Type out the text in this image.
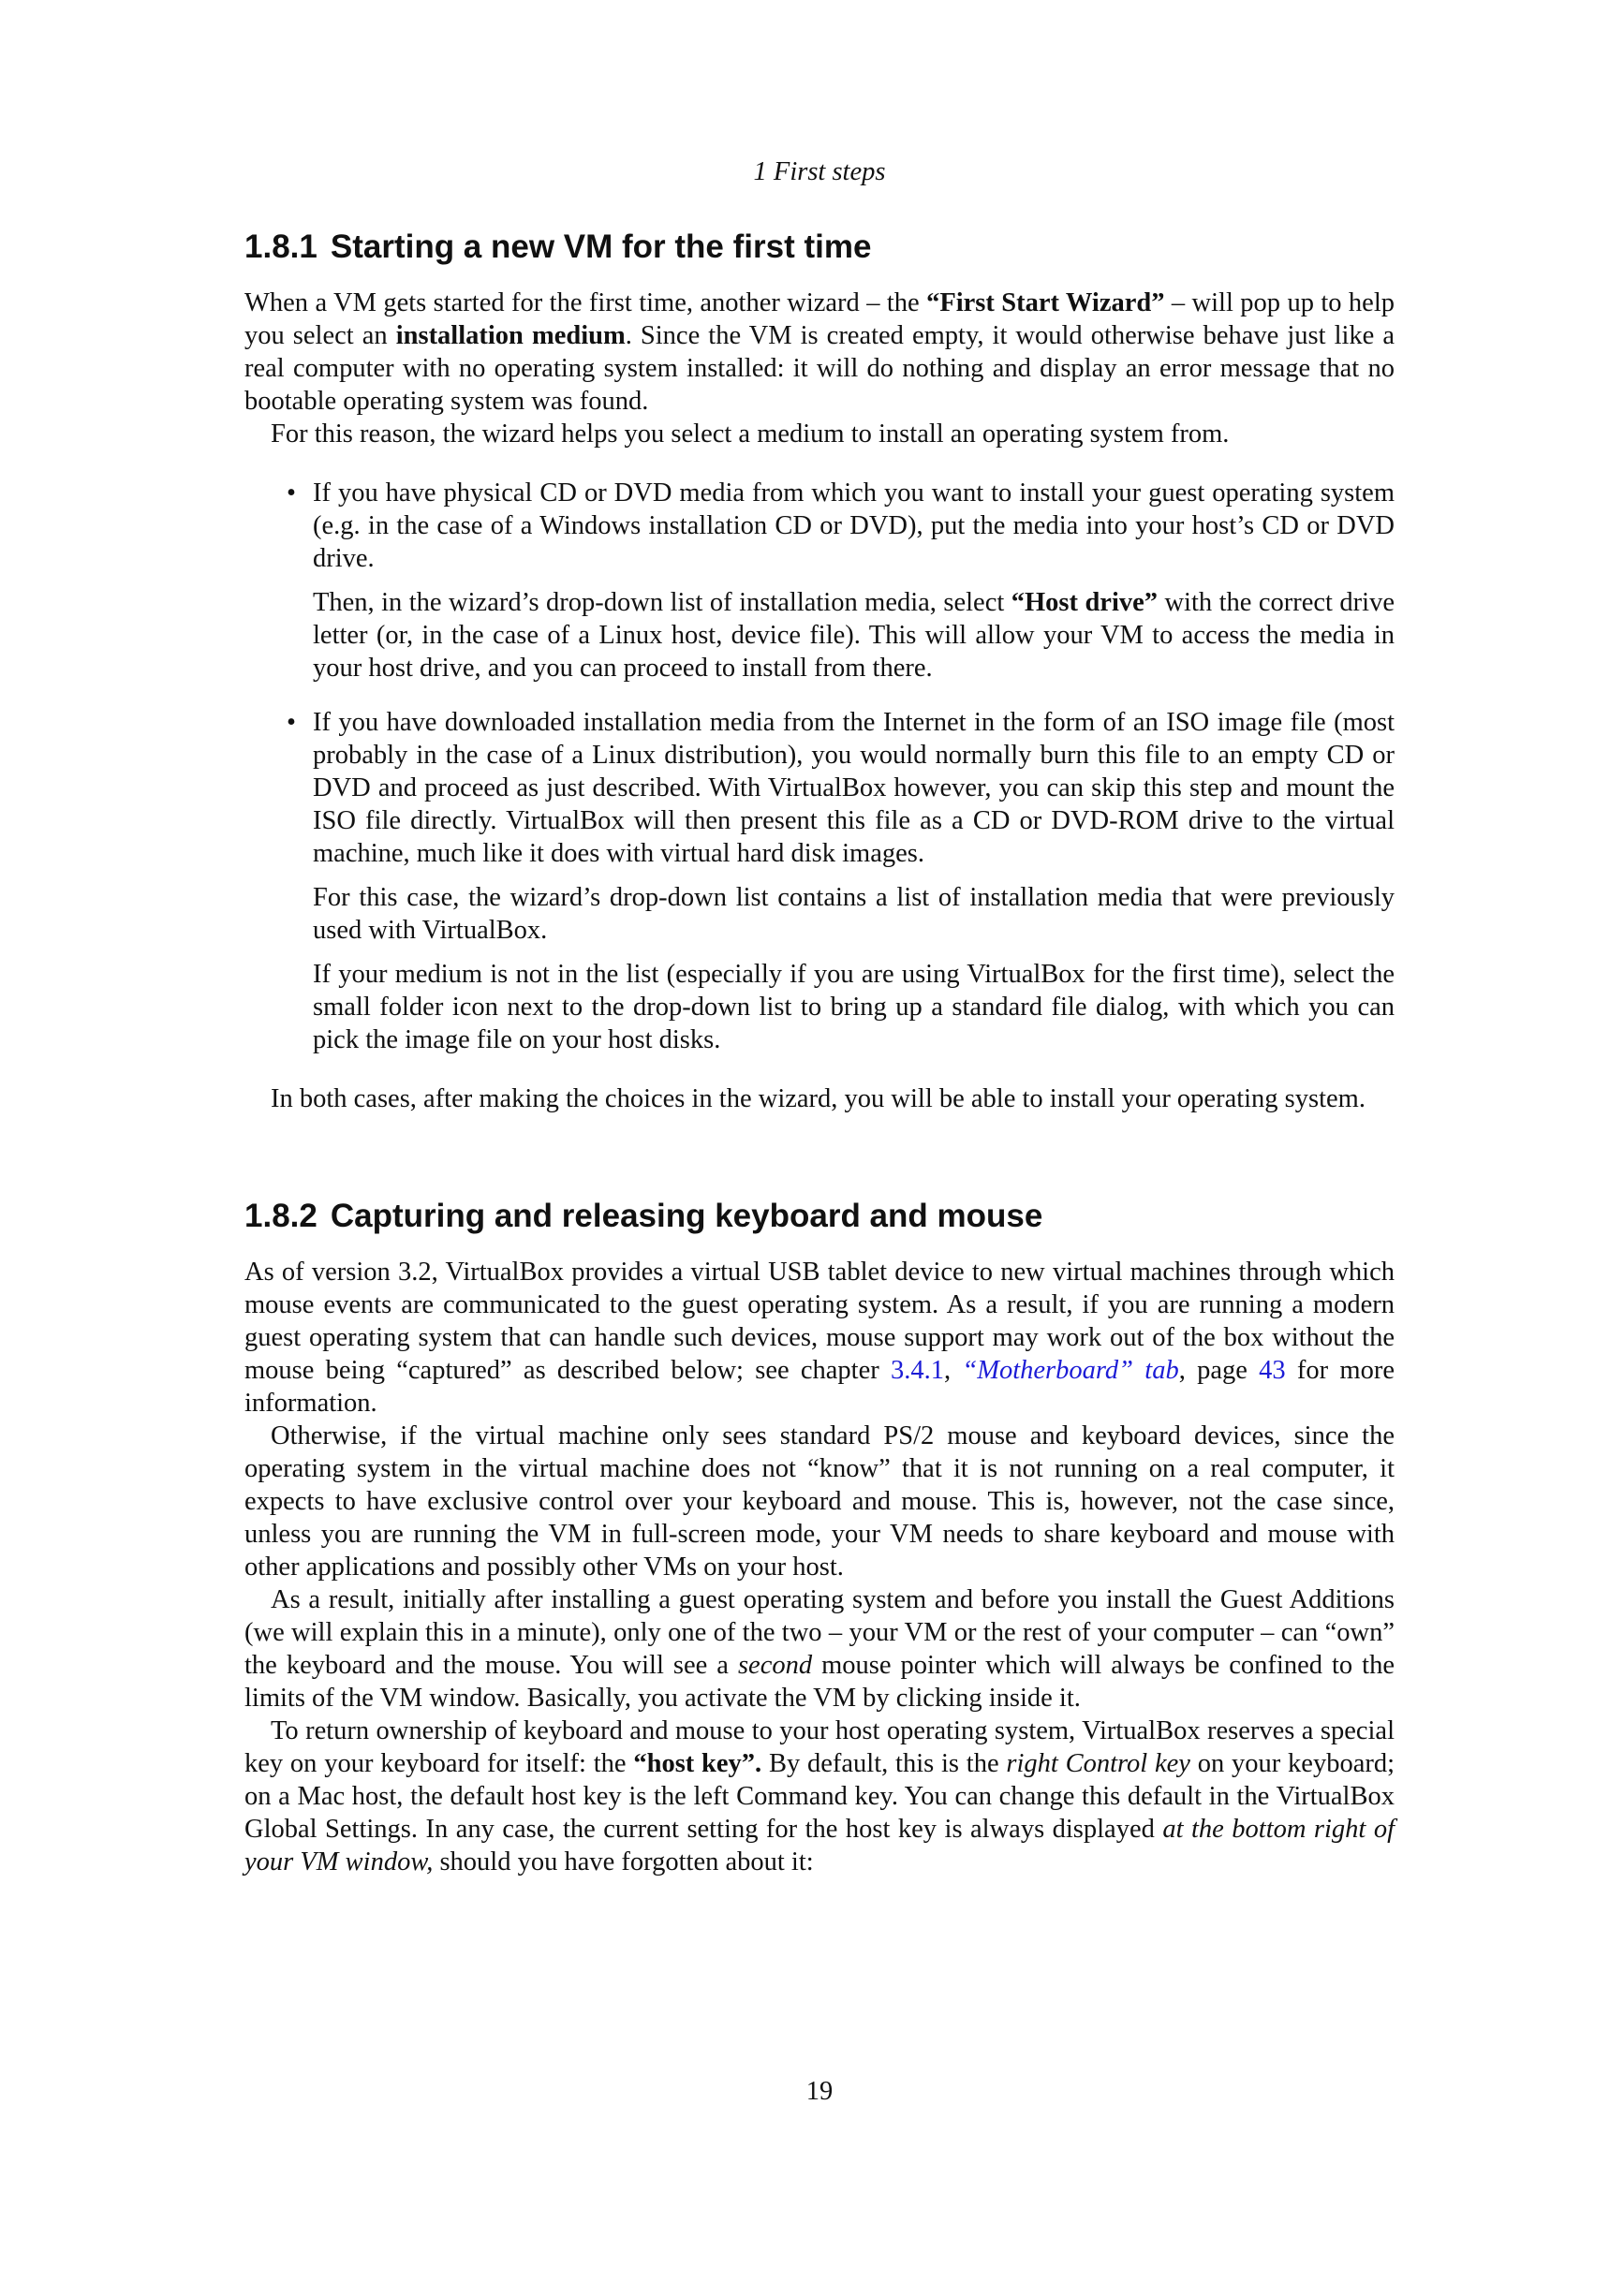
1 First steps
1.8.1 Starting a new VM for the first time

When a VM gets started for the first time, another wizard – the “First Start Wizard” – will pop up to help you select an installation medium. Since the VM is created empty, it would otherwise behave just like a real computer with no operating system installed: it will do nothing and display an error message that no bootable operating system was found.

For this reason, the wizard helps you select a medium to install an operating system from.

• If you have physical CD or DVD media from which you want to install your guest operating system (e.g. in the case of a Windows installation CD or DVD), put the media into your host’s CD or DVD drive.

Then, in the wizard’s drop-down list of installation media, select “Host drive” with the correct drive letter (or, in the case of a Linux host, device file). This will allow your VM to access the media in your host drive, and you can proceed to install from there.

• If you have downloaded installation media from the Internet in the form of an ISO image file (most probably in the case of a Linux distribution), you would normally burn this file to an empty CD or DVD and proceed as just described. With VirtualBox however, you can skip this step and mount the ISO file directly. VirtualBox will then present this file as a CD or DVD-ROM drive to the virtual machine, much like it does with virtual hard disk images.

For this case, the wizard’s drop-down list contains a list of installation media that were previously used with VirtualBox.

If your medium is not in the list (especially if you are using VirtualBox for the first time), select the small folder icon next to the drop-down list to bring up a standard file dialog, with which you can pick the image file on your host disks.

In both cases, after making the choices in the wizard, you will be able to install your operating system.

1.8.2 Capturing and releasing keyboard and mouse

As of version 3.2, VirtualBox provides a virtual USB tablet device to new virtual machines through which mouse events are communicated to the guest operating system. As a result, if you are running a modern guest operating system that can handle such devices, mouse support may work out of the box without the mouse being “captured” as described below; see chapter 3.4.1, “Motherboard” tab, page 43 for more information.

Otherwise, if the virtual machine only sees standard PS/2 mouse and keyboard devices, since the operating system in the virtual machine does not “know” that it is not running on a real computer, it expects to have exclusive control over your keyboard and mouse. This is, however, not the case since, unless you are running the VM in full-screen mode, your VM needs to share keyboard and mouse with other applications and possibly other VMs on your host.

As a result, initially after installing a guest operating system and before you install the Guest Additions (we will explain this in a minute), only one of the two – your VM or the rest of your computer – can “own” the keyboard and the mouse. You will see a second mouse pointer which will always be confined to the limits of the VM window. Basically, you activate the VM by clicking inside it.

To return ownership of keyboard and mouse to your host operating system, VirtualBox reserves a special key on your keyboard for itself: the “host key”. By default, this is the right Control key on your keyboard; on a Mac host, the default host key is the left Command key. You can change this default in the VirtualBox Global Settings. In any case, the current setting for the host key is always displayed at the bottom right of your VM window, should you have forgotten about it:

19
